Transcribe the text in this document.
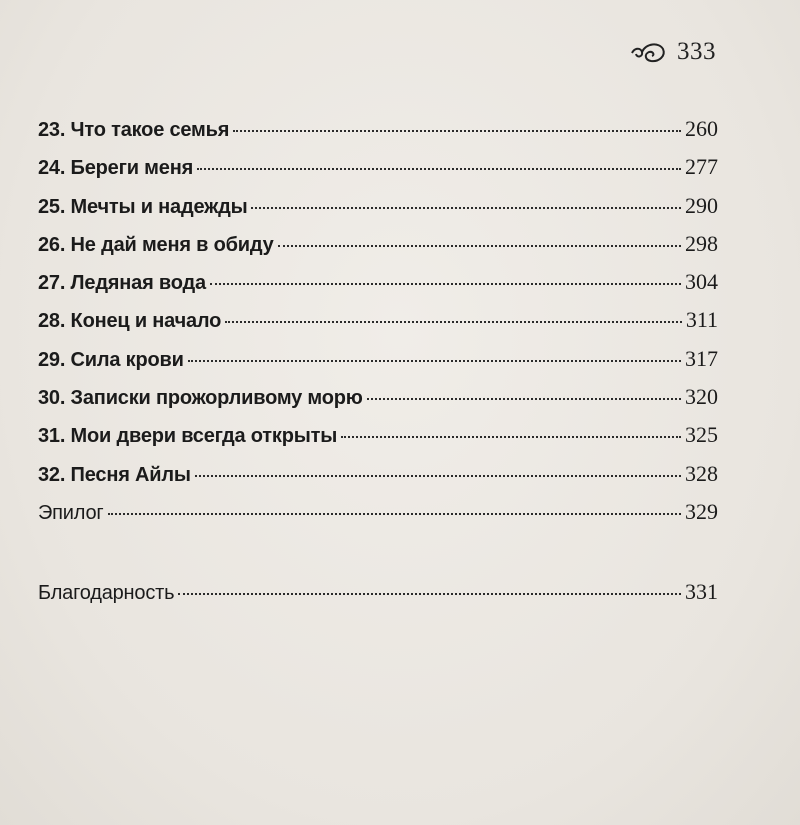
333
23. Что такое семья	260
24. Береги меня	277
25. Мечты и надежды	290
26. Не дай меня в обиду	298
27. Ледяная вода	304
28. Конец и начало	311
29. Сила крови	317
30. Записки прожорливому морю	320
31. Мои двери всегда открыты	325
32. Песня Айлы	328
Эпилог	329
Благодарность	331
